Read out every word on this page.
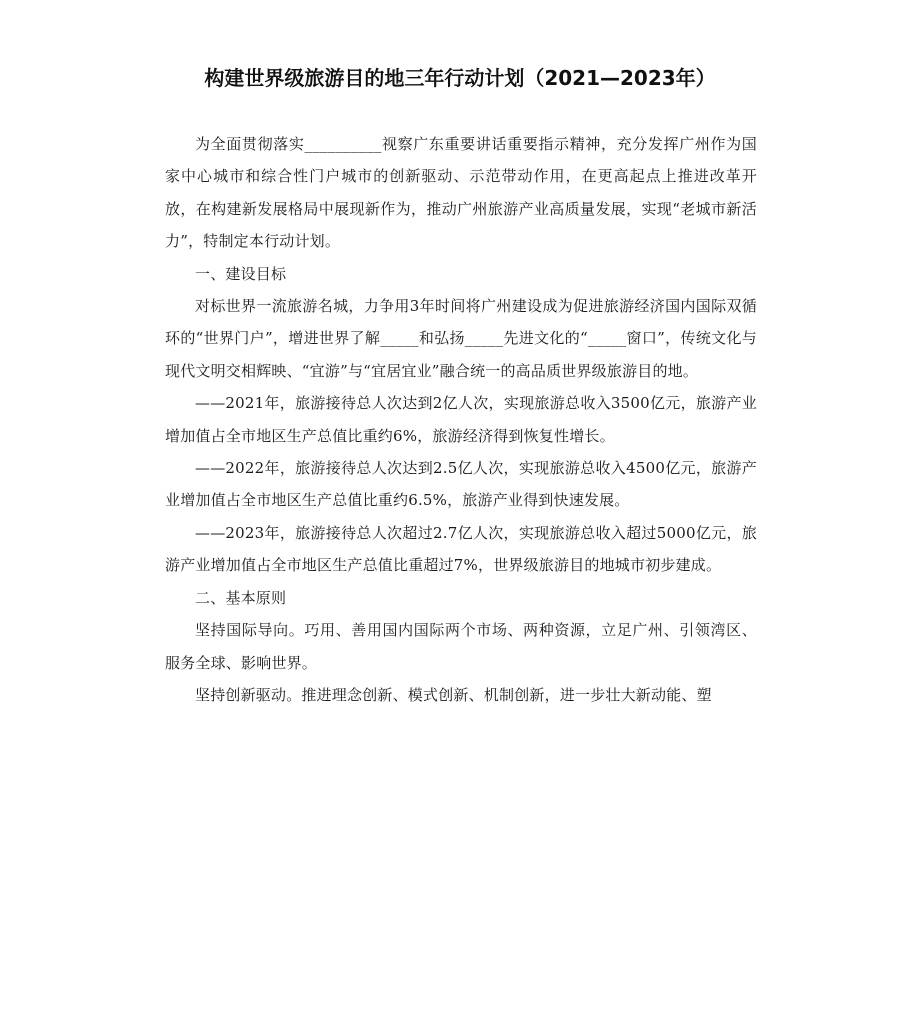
构建世界级旅游目的地三年行动计划（2021—2023年）

为全面贯彻落实__________视察广东重要讲话重要指示精神，充分发挥广州作为国家中心城市和综合性门户城市的创新驱动、示范带动作用，在更高起点上推进改革开放，在构建新发展格局中展现新作为，推动广州旅游产业高质量发展，实现“老城市新活力”，特制定本行动计划。

一、建设目标

对标世界一流旅游名城，力争用3年时间将广州建设成为促进旅游经济国内国际双循环的“世界门户”，增进世界了解_____和弘扬_____先进文化的“_____窗口”，传统文化与现代文明交相辉映、“宜游”与“宜居宜业”融合统一的高品质世界级旅游目的地。

——2021年，旅游接待总人次达到2亿人次，实现旅游总收入3500亿元，旅游产业增加值占全市地区生产总值比重约6%，旅游经济得到恢复性增长。

——2022年，旅游接待总人次达到2.5亿人次，实现旅游总收入4500亿元，旅游产业增加值占全市地区生产总值比重约6.5%，旅游产业得到快速发展。

——2023年，旅游接待总人次超过2.7亿人次，实现旅游总收入超过5000亿元，旅游产业增加值占全市地区生产总值比重超过7%，世界级旅游目的地城市初步建成。

二、基本原则

坚持国际导向。巧用、善用国内国际两个市场、两种资源，立足广州、引领湾区、服务全球、影响世界。

坚持创新驱动。推进理念创新、模式创新、机制创新，进一步壮大新动能、塑
